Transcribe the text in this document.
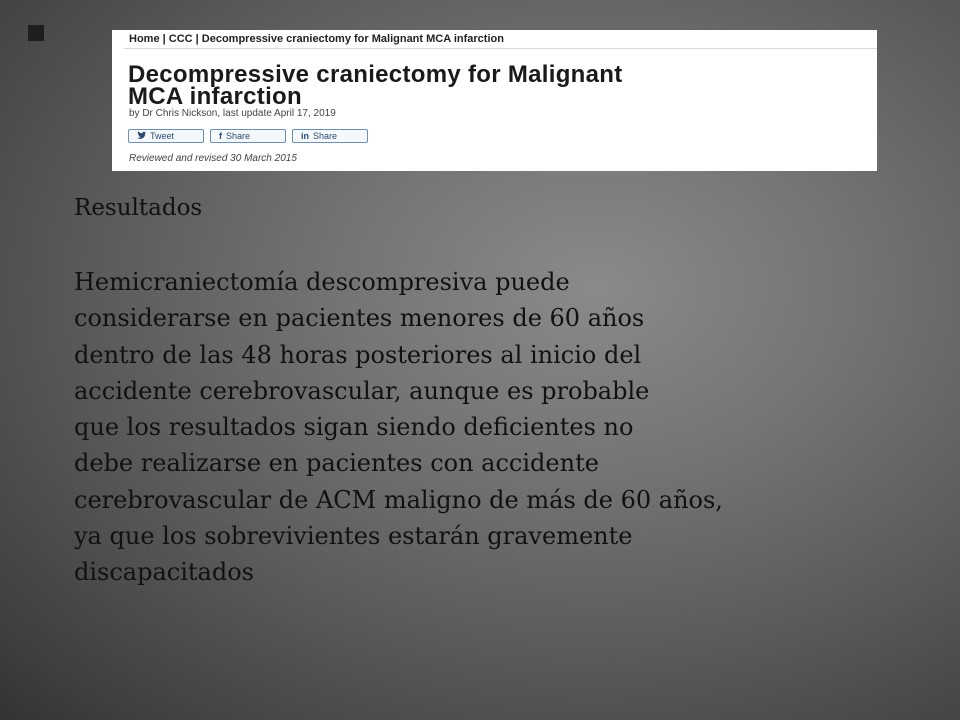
Home | CCC | Decompressive craniectomy for Malignant MCA infarction
Decompressive craniectomy for Malignant
MCA infarction
by Dr Chris Nickson, last update April 17, 2019
Tweet	f Share	in Share
Reviewed and revised 30 March 2015

Resultados

Hemicraniectomía descompresiva puede

considerarse en pacientes menores de 60 años

dentro de las 48 horas posteriores al inicio del

accidente cerebrovascular, aunque es probable

que los resultados sigan siendo deficientes no

debe realizarse en pacientes con accidente

cerebrovascular de ACM maligno de más de 60 años,

ya que los sobrevivientes estarán gravemente

discapacitados
